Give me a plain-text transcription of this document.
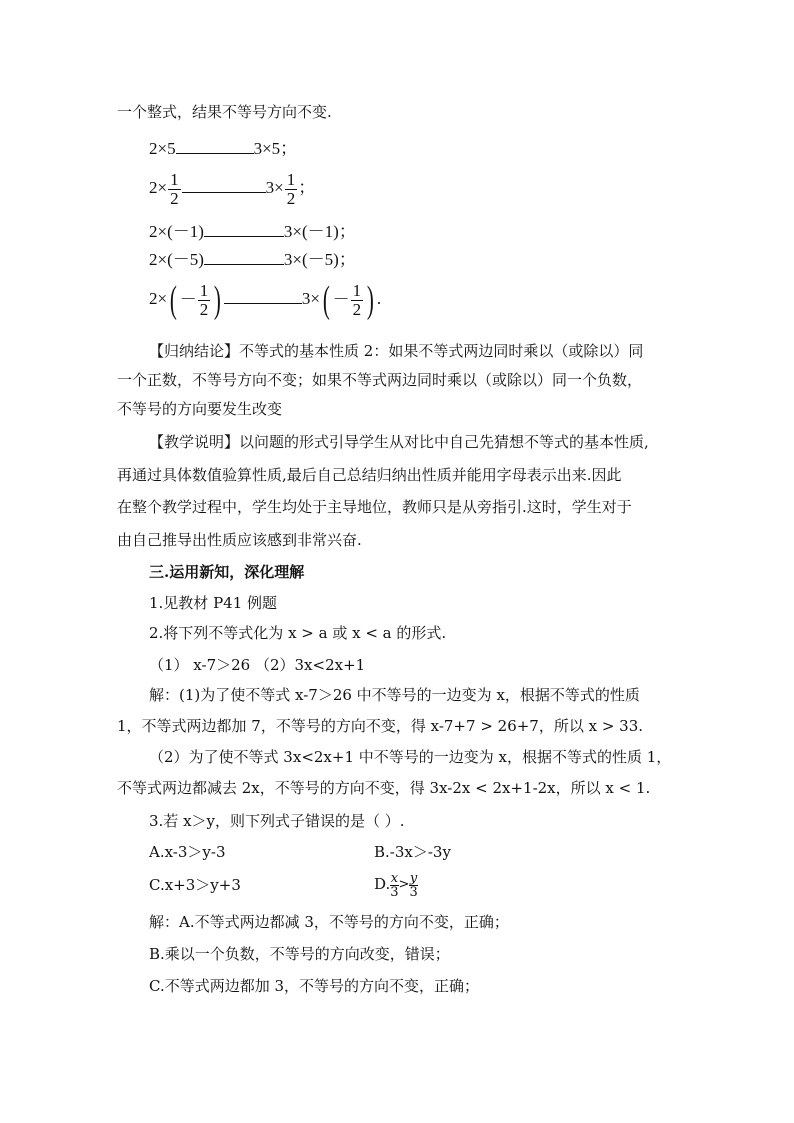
一个整式，结果不等号方向不变.
2×5	3×5；
$2\times \frac{1}{2}$	$3\times \frac{1}{2}$ ；
2×(－1)	3×(－1)；
2×(－5)	3×(－5)；
$2\times( - \frac{1}{2}$ )	$3\times( - \frac{1}{2}$ ) .
【归纳结论】不等式的基本性质 2：如果不等式两边同时乘以（或除以）同
一个正数，不等号方向不变；如果不等式两边同时乘以（或除以）同一个负数，
不等号的方向要发生改变
【教学说明】以问题的形式引导学生从对比中自己先猜想不等式的基本性质,
再通过具体数值验算性质,最后自己总结归纳出性质并能用字母表示出来.因此
在整个教学过程中，学生均处于主导地位，教师只是从旁指引.这时，学生对于
由自己推导出性质应该感到非常兴奋.
三.运用新知，深化理解
1.见教材 P41 例题
2.将下列不等式化为 x > a 或 x < a 的形式.
（1） x-7＞26 （2）3x<2x+1
解：(1)为了使不等式 x-7＞26 中不等号的一边变为 x，根据不等式的性质
1，不等式两边都加 7，不等号的方向不变，得 x-7+7 > 26+7，所以 x > 33.
（2）为了使不等式 3x<2x+1 中不等号的一边变为 x，根据不等式的性质 1，
不等式两边都减去 2x，不等号的方向不变，得 3x-2x < 2x+1-2x，所以 x < 1.
3.若 x＞y，则下列式子错误的是（ ）.
A.x-3＞y-3	B.-3x＞-3y
C.x+3＞y+3	D. $\frac{x}{3} > \frac{y}{3}$
解：A.不等式两边都减 3，不等号的方向不变，正确；
B.乘以一个负数，不等号的方向改变，错误；
C.不等式两边都加 3，不等号的方向不变，正确；
